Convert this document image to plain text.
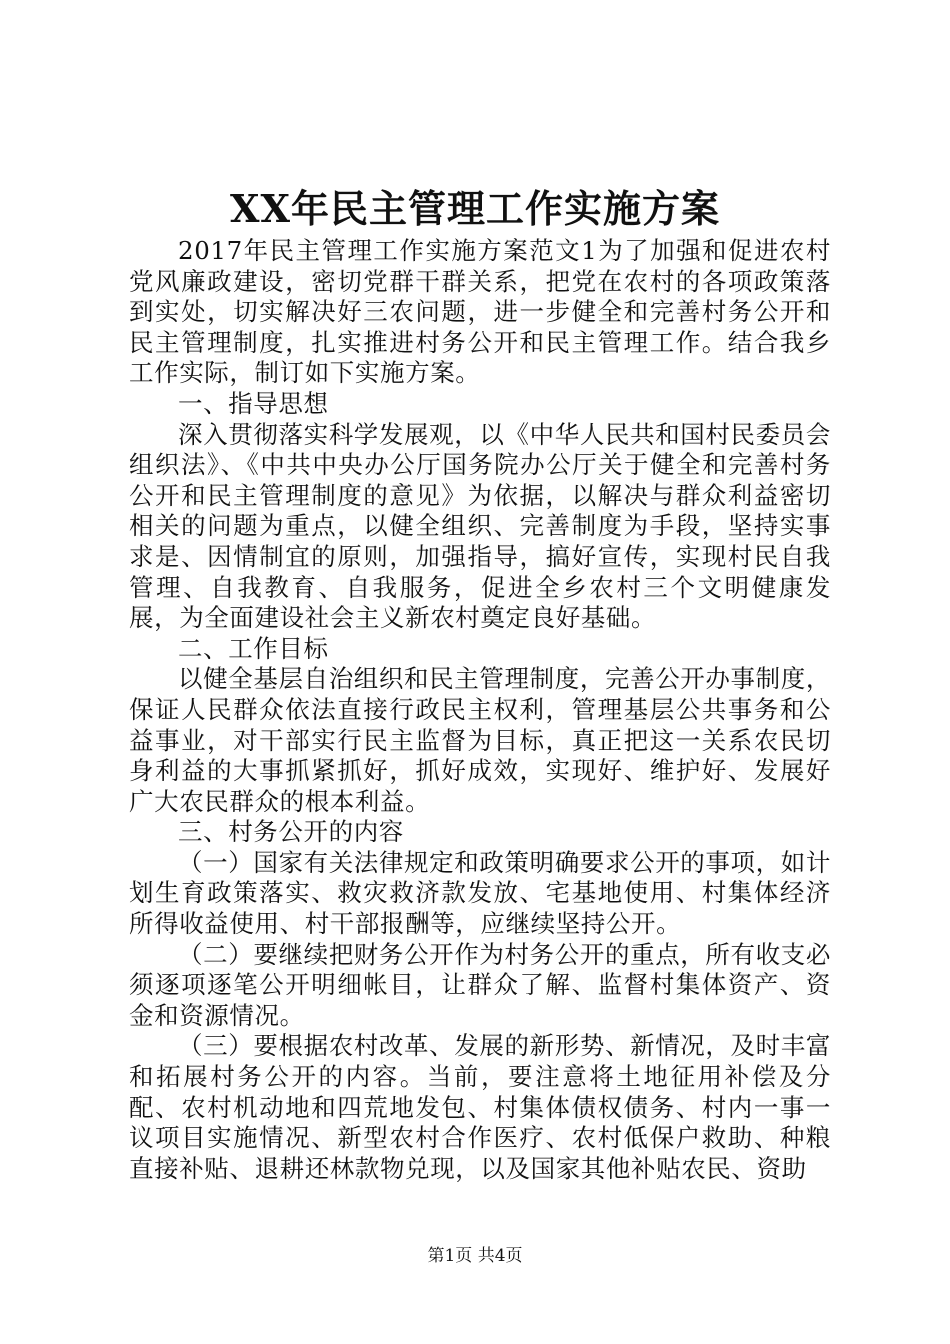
XX年民主管理工作实施方案

2017年民主管理工作实施方案范文1为了加强和促进农村党风廉政建设，密切党群干群关系，把党在农村的各项政策落到实处，切实解决好三农问题，进一步健全和完善村务公开和民主管理制度，扎实推进村务公开和民主管理工作。结合我乡工作实际，制订如下实施方案。

一、指导思想

深入贯彻落实科学发展观，以《中华人民共和国村民委员会组织法》、《中共中央办公厅国务院办公厅关于健全和完善村务公开和民主管理制度的意见》为依据，以解决与群众利益密切相关的问题为重点，以健全组织、完善制度为手段，坚持实事求是、因情制宜的原则，加强指导，搞好宣传，实现村民自我管理、自我教育、自我服务，促进全乡农村三个文明健康发展，为全面建设社会主义新农村奠定良好基础。

二、工作目标

以健全基层自治组织和民主管理制度，完善公开办事制度，保证人民群众依法直接行政民主权利，管理基层公共事务和公益事业，对干部实行民主监督为目标，真正把这一关系农民切身利益的大事抓紧抓好，抓好成效，实现好、维护好、发展好广大农民群众的根本利益。

三、村务公开的内容

（一）国家有关法律规定和政策明确要求公开的事项，如计划生育政策落实、救灾救济款发放、宅基地使用、村集体经济所得收益使用、村干部报酬等，应继续坚持公开。

（二）要继续把财务公开作为村务公开的重点，所有收支必须逐项逐笔公开明细帐目，让群众了解、监督村集体资产、资金和资源情况。

（三）要根据农村改革、发展的新形势、新情况，及时丰富和拓展村务公开的内容。当前，要注意将土地征用补偿及分配、农村机动地和四荒地发包、村集体债权债务、村内一事一议项目实施情况、新型农村合作医疗、农村低保户救助、种粮直接补贴、退耕还林款物兑现，以及国家其他补贴农民、资助

第1页 共4页
